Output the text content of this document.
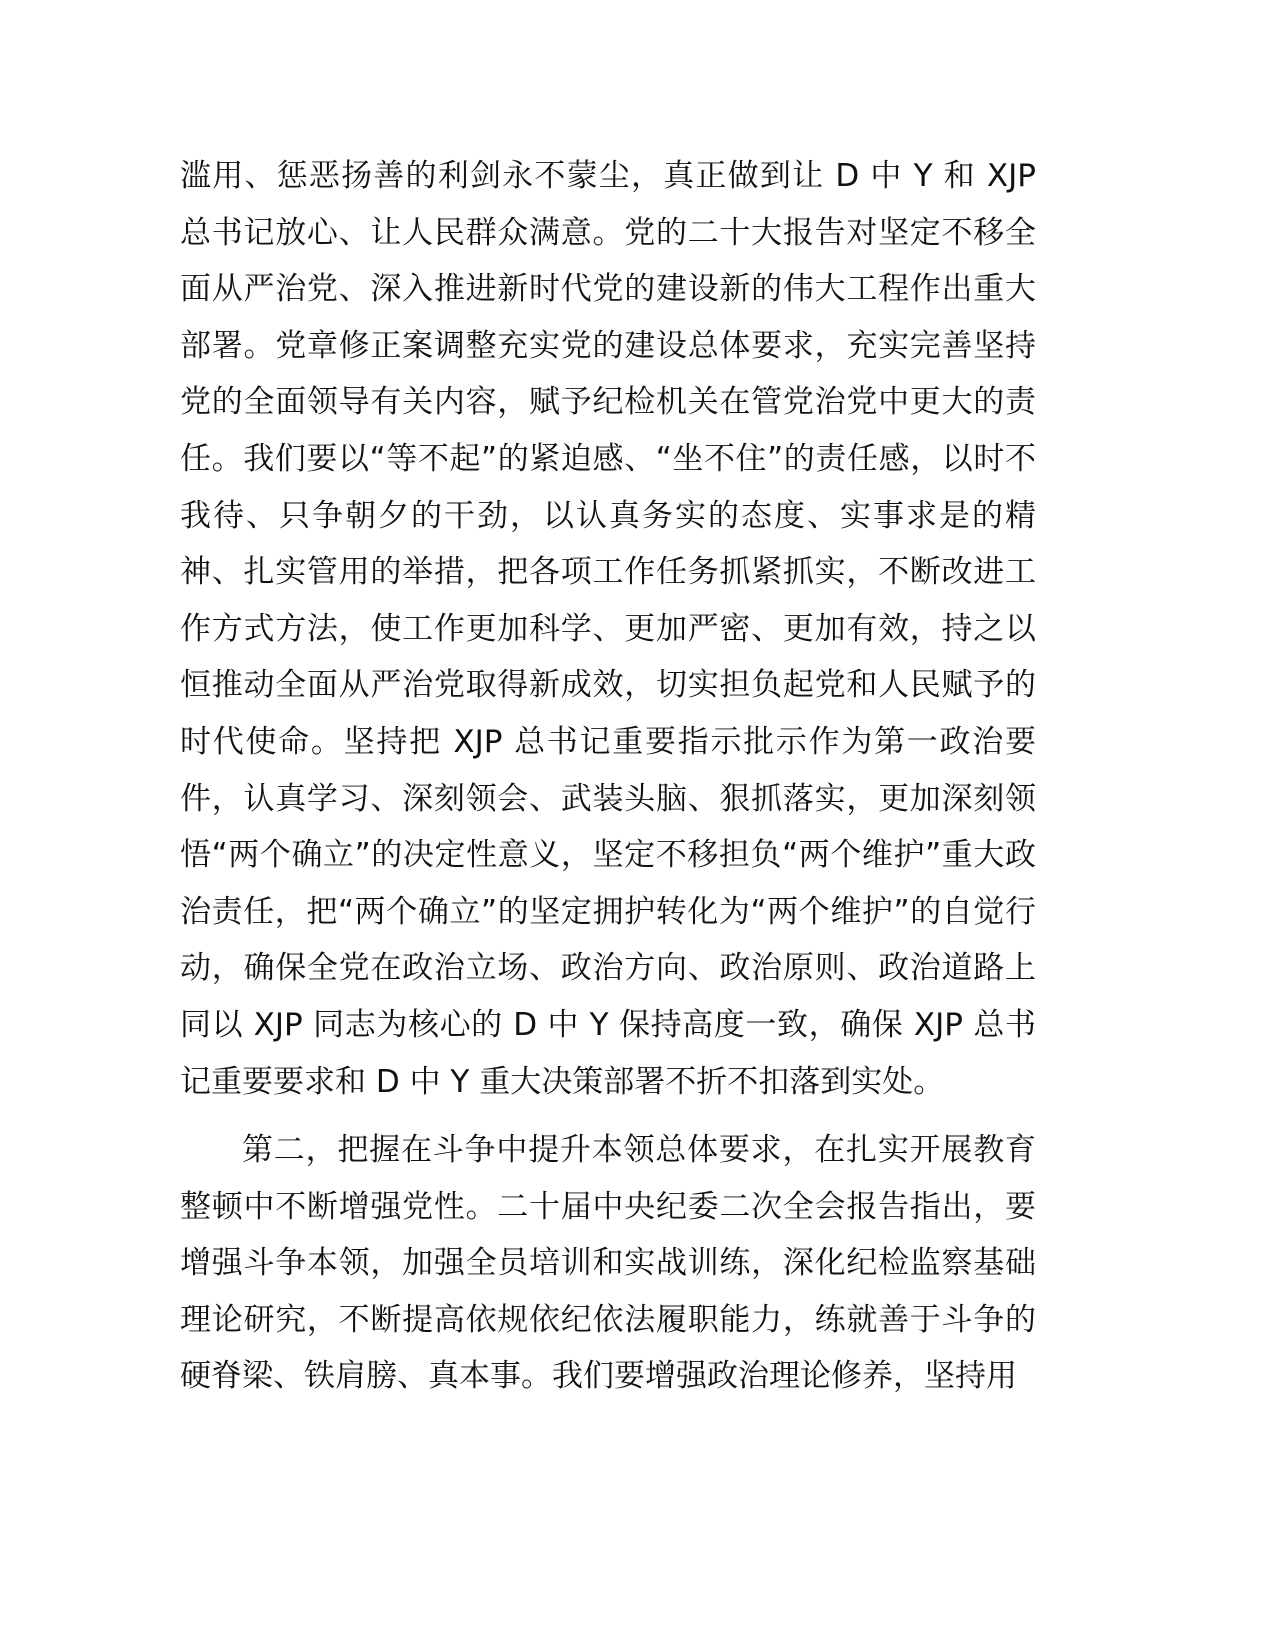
滥用、惩恶扬善的利剑永不蒙尘，真正做到让 D 中 Y 和 XJP 总书记放心、让人民群众满意。党的二十大报告对坚定不移全面从严治党、深入推进新时代党的建设新的伟大工程作出重大部署。党章修正案调整充实党的建设总体要求，充实完善坚持党的全面领导有关内容，赋予纪检机关在管党治党中更大的责任。我们要以“等不起”的紧迫感、“坐不住”的责任感，以时不我待、只争朝夕的干劲，以认真务实的态度、实事求是的精神、扎实管用的举措，把各项工作任务抓紧抓实，不断改进工作方式方法，使工作更加科学、更加严密、更加有效，持之以恒推动全面从严治党取得新成效，切实担负起党和人民赋予的时代使命。坚持把 XJP 总书记重要指示批示作为第一政治要件，认真学习、深刻领会、武装头脑、狠抓落实，更加深刻领悟“两个确立”的决定性意义，坚定不移担负“两个维护”重大政治责任，把“两个确立”的坚定拥护转化为“两个维护”的自觉行动，确保全党在政治立场、政治方向、政治原则、政治道路上同以 XJP 同志为核心的 D 中 Y 保持高度一致，确保 XJP 总书记重要要求和 D 中 Y 重大决策部署不折不扣落到实处。

第二，把握在斗争中提升本领总体要求，在扎实开展教育整顿中不断增强党性。二十届中央纪委二次全会报告指出，要增强斗争本领，加强全员培训和实战训练，深化纪检监察基础理论研究，不断提高依规依纪依法履职能力，练就善于斗争的硬脊梁、铁肩膀、真本事。我们要增强政治理论修养，坚持用
